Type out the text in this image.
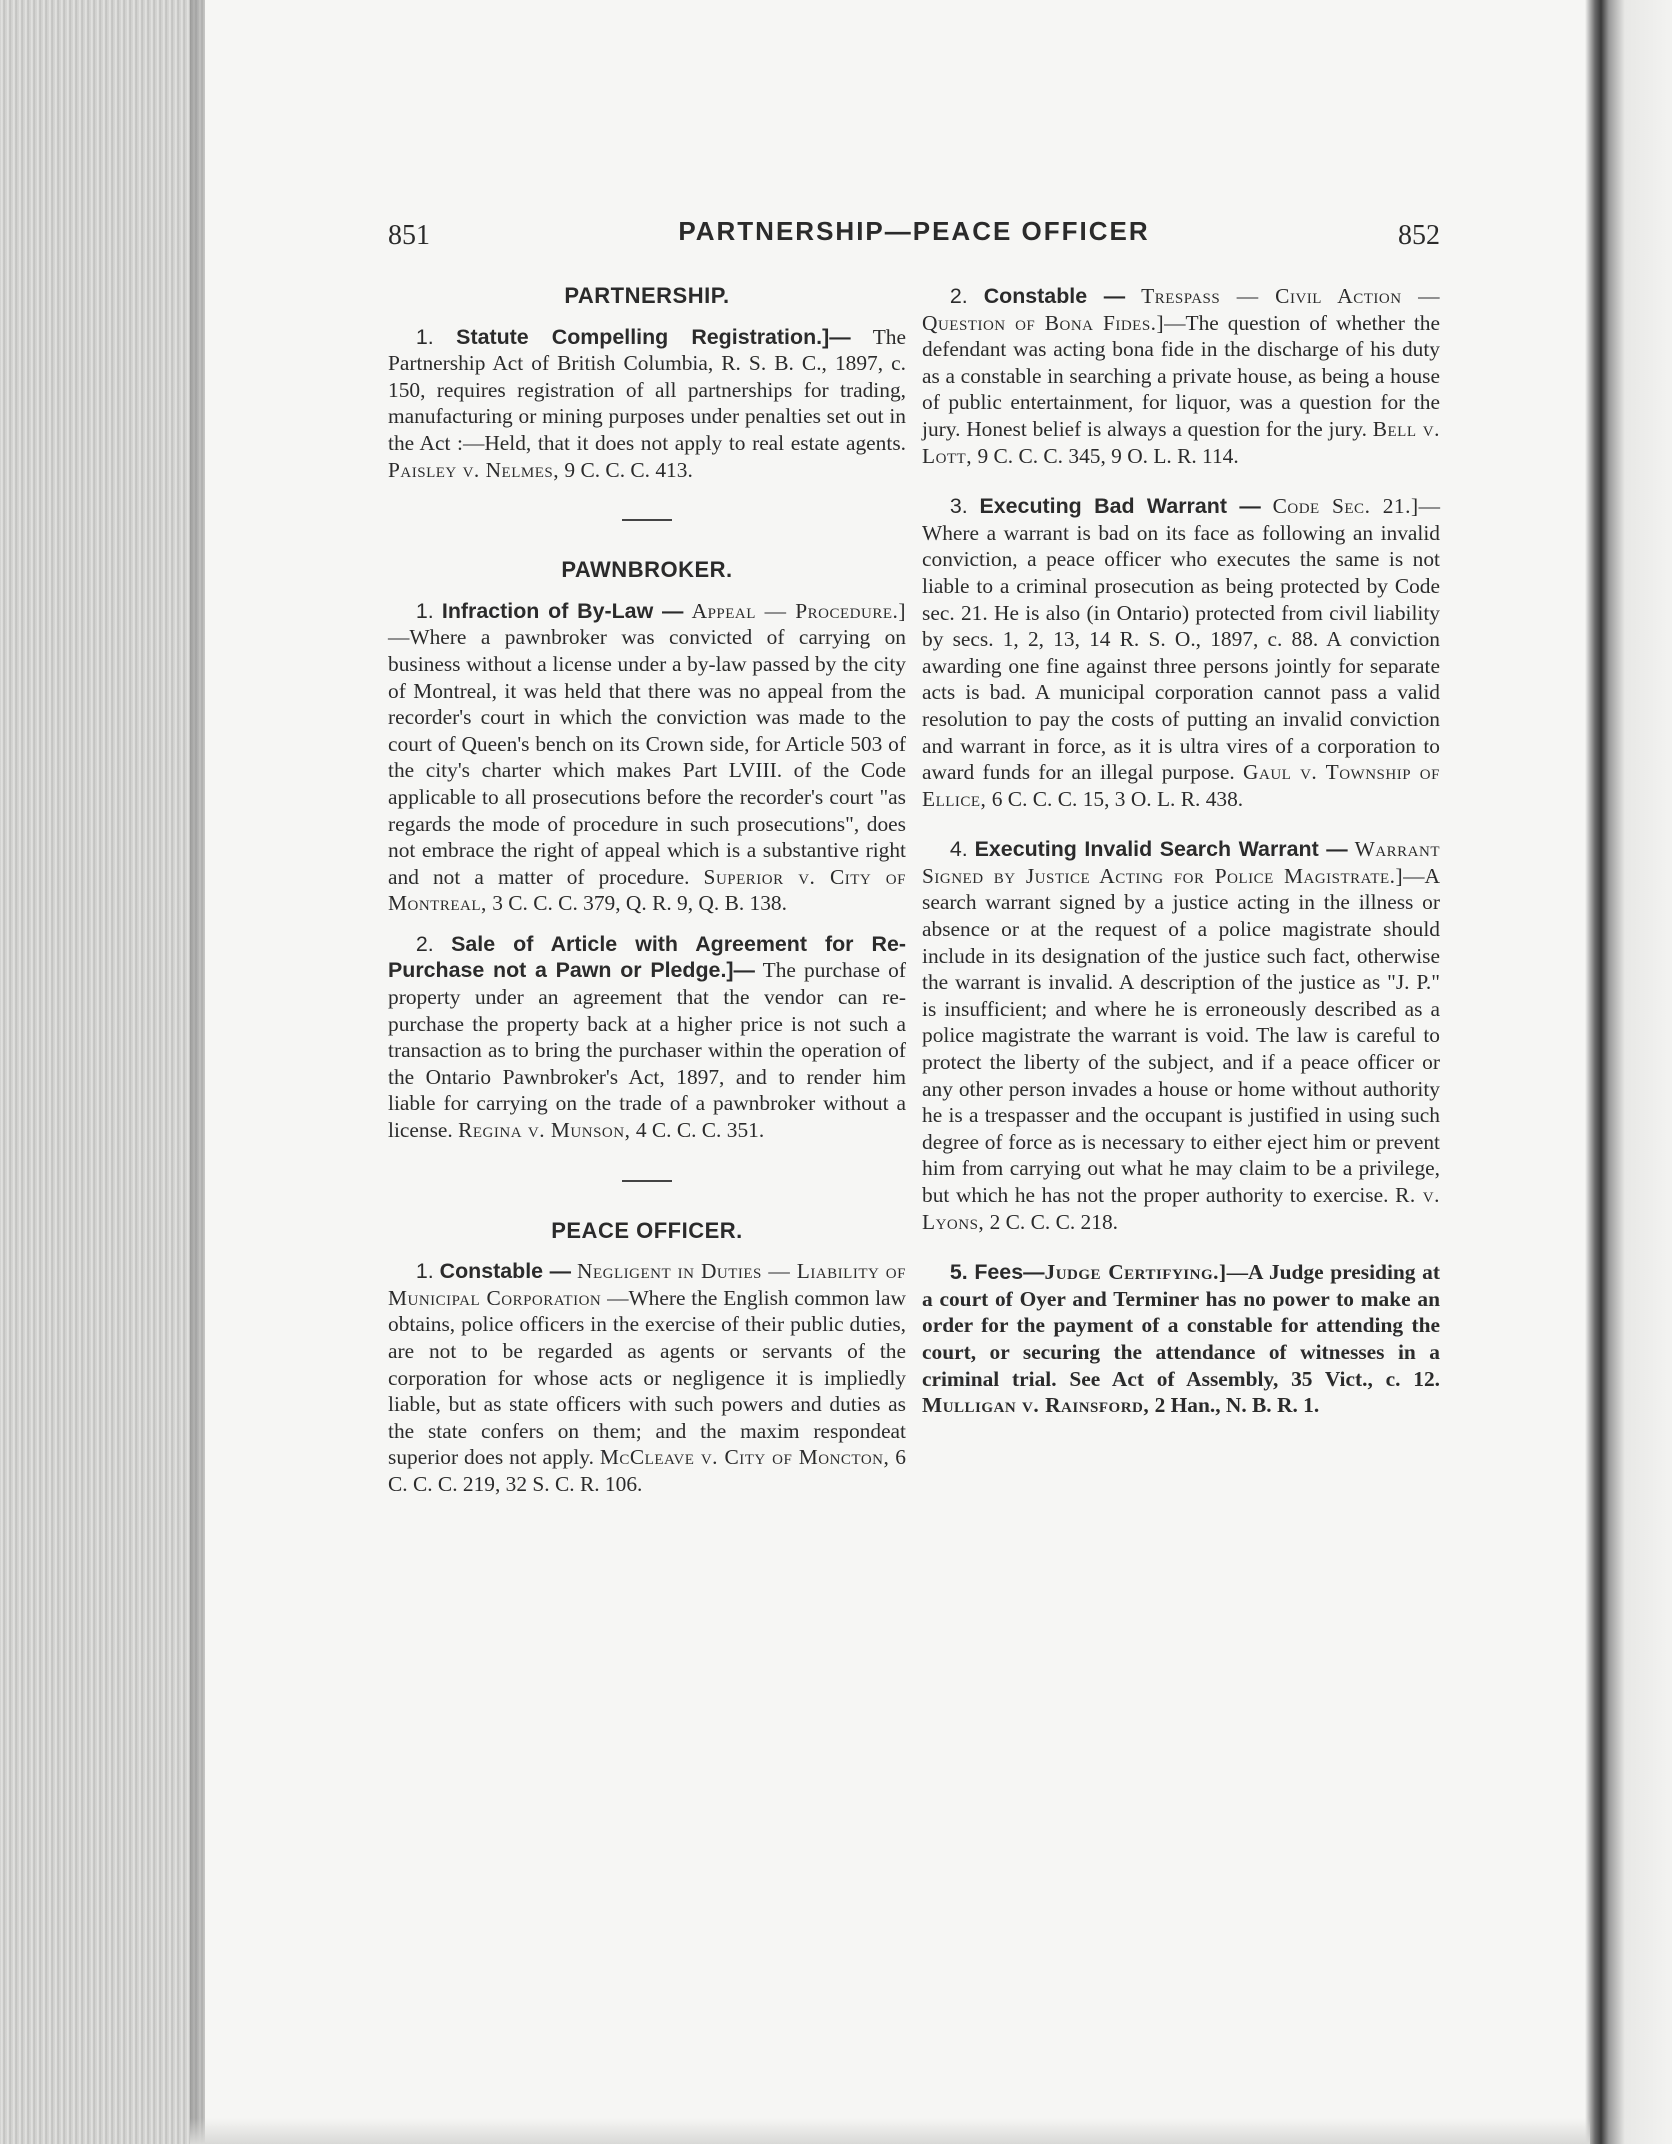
851	PARTNERSHIP—PEACE OFFICER	852
PARTNERSHIP.

1. Statute Compelling Registration.]— The Partnership Act of British Columbia, R. S. B. C., 1897, c. 150, requires registration of all partnerships for trading, manufacturing or mining purposes under penalties set out in the Act :—Held, that it does not apply to real estate agents. Paisley v. Nelmes, 9 C. C. C. 413.

PAWNBROKER.

1. Infraction of By-Law — Appeal — Procedure.]—Where a pawnbroker was convicted of carrying on business without a license under a by-law passed by the city of Montreal, it was held that there was no appeal from the recorder's court in which the conviction was made to the court of Queen's bench on its Crown side, for Article 503 of the city's charter which makes Part LVIII. of the Code applicable to all prosecutions before the recorder's court "as regards the mode of procedure in such prosecutions", does not embrace the right of appeal which is a substantive right and not a matter of procedure. Superior v. City of Montreal, 3 C. C. C. 379, Q. R. 9, Q. B. 138.

2. Sale of Article with Agreement for Re-Purchase not a Pawn or Pledge.]— The purchase of property under an agreement that the vendor can re-purchase the property back at a higher price is not such a transaction as to bring the purchaser within the operation of the Ontario Pawnbroker's Act, 1897, and to render him liable for carrying on the trade of a pawnbroker without a license. Regina v. Munson, 4 C. C. C. 351.

PEACE OFFICER.

1. Constable — Negligent in Duties — Liability of Municipal Corporation —Where the English common law obtains, police officers in the exercise of their public duties, are not to be regarded as agents or servants of the corporation for whose acts or negligence it is impliedly liable, but as state officers with such powers and duties as the state confers on them; and the maxim respondeat superior does not apply. McCleave v. City of Moncton, 6 C. C. C. 219, 32 S. C. R. 106.

2. Constable — Trespass — Civil Action — Question of Bona Fides.]—The question of whether the defendant was acting bona fide in the discharge of his duty as a constable in searching a private house, as being a house of public entertainment, for liquor, was a question for the jury. Honest belief is always a question for the jury. Bell v. Lott, 9 C. C. C. 345, 9 O. L. R. 114.

3. Executing Bad Warrant — Code Sec. 21.]—Where a warrant is bad on its face as following an invalid conviction, a peace officer who executes the same is not liable to a criminal prosecution as being protected by Code sec. 21. He is also (in Ontario) protected from civil liability by secs. 1, 2, 13, 14 R. S. O., 1897, c. 88. A conviction awarding one fine against three persons jointly for separate acts is bad. A municipal corporation cannot pass a valid resolution to pay the costs of putting an invalid conviction and warrant in force, as it is ultra vires of a corporation to award funds for an illegal purpose. Gaul v. Township of Ellice, 6 C. C. C. 15, 3 O. L. R. 438.

4. Executing Invalid Search Warrant — Warrant Signed by Justice Acting for Police Magistrate.]—A search warrant signed by a justice acting in the illness or absence or at the request of a police magistrate should include in its designation of the justice such fact, otherwise the warrant is invalid. A description of the justice as "J. P." is insufficient; and where he is erroneously described as a police magistrate the warrant is void. The law is careful to protect the liberty of the subject, and if a peace officer or any other person invades a house or home without authority he is a trespasser and the occupant is justified in using such degree of force as is necessary to either eject him or prevent him from carrying out what he may claim to be a privilege, but which he has not the proper authority to exercise. R. v. Lyons, 2 C. C. C. 218.

5. Fees—Judge Certifying.]—A Judge presiding at a court of Oyer and Terminer has no power to make an order for the payment of a constable for attending the court, or securing the attendance of witnesses in a criminal trial. See Act of Assembly, 35 Vict., c. 12. Mulligan v. Rainsford, 2 Han., N. B. R. 1.
